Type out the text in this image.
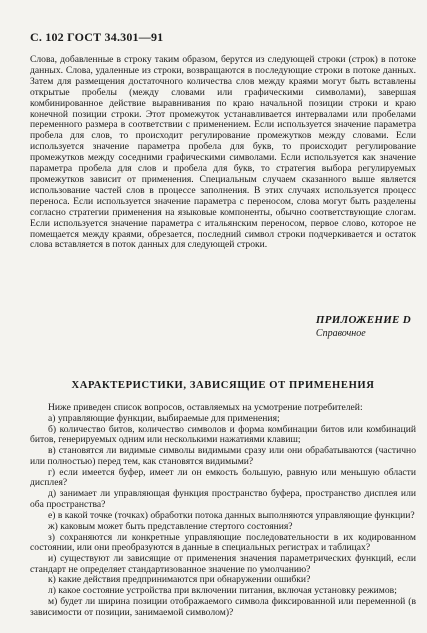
С. 102 ГОСТ 34.301—91

Слова, добавленные в строку таким образом, берутся из следующей строки (строк) в потоке данных. Слова, удаленные из строки, возвращаются в последующие строки в потоке данных. Затем для размещения достаточного количества слов между краями могут быть вставлены открытые пробелы (между словами или графическими символами), завершая комбинированное действие выравнивания по краю начальной позиции строки и краю конечной позиции строки. Этот промежуток устанавливается интервалами или пробелами переменного размера в соответствии с применением. Если используется значение параметра пробела для слов, то происходит регулирование промежутков между словами. Если используется значение параметра пробела для букв, то происходит регулирование промежутков между соседними графическими символами. Если используется как значение параметра пробела для слов и пробела для букв, то стратегия выбора регулируемых промежутков зависит от применения. Специальным случаем сказанного выше является использование частей слов в процессе заполнения. В этих случаях используется процесс переноса. Если используется значение параметра с переносом, слова могут быть разделены согласно стратегии применения на языковые компоненты, обычно соответствующие слогам. Если используется значение параметра с итальянским переносом, первое слово, которое не помещается между краями, обрезается, последний символ строки подчеркивается и остаток слова вставляется в поток данных для следующей строки.

ПРИЛОЖЕНИЕ D
Справочное
ХАРАКТЕРИСТИКИ, ЗАВИСЯЩИЕ ОТ ПРИМЕНЕНИЯ

Ниже приведен список вопросов, оставляемых на усмотрение потребителей:

а) управляющие функции, выбираемые для применения;

б) количество битов, количество символов и форма комбинации битов или комбинаций битов, генерируемых одним или несколькими нажатиями клавиш;

в) становятся ли видимые символы видимыми сразу или они обрабатываются (частично или полностью) перед тем, как становятся видимыми?

г) если имеется буфер, имеет ли он емкость большую, равную или меньшую области дисплея?

д) занимает ли управляющая функция пространство буфера, пространство дисплея или оба пространства?

е) в какой точке (точках) обработки потока данных выполняются управляющие функции?

ж) каковым может быть представление стертого состояния?

з) сохраняются ли конкретные управляющие последовательности в их кодированном состоянии, или они преобразуются в данные в специальных регистрах и таблицах?

и) существуют ли зависящие от применения значения параметрических функций, если стандарт не определяет стандартизованное значение по умолчанию?

к) какие действия предпринимаются при обнаружении ошибки?

л) какое состояние устройства при включении питания, включая установку режимов;

м) будет ли ширина позиции отображаемого символа фиксированной или переменной (в зависимости от позиции, занимаемой символом)?
